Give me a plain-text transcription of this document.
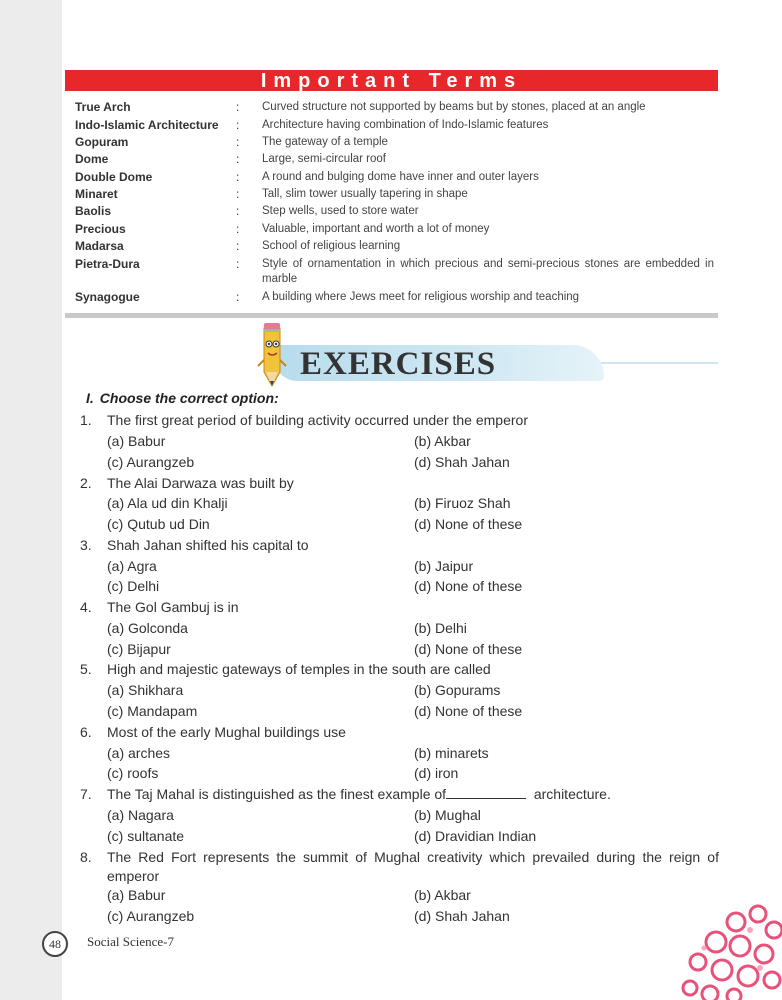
Important Terms
True Arch	: Curved structure not supported by beams but by stones, placed at an angle
Indo-Islamic Architecture : Architecture having combination of Indo-Islamic features
Gopuram	: The gateway of a temple
Dome	: Large, semi-circular roof
Double Dome	: A round and bulging dome have inner and outer layers
Minaret	: Tall, slim tower usually tapering in shape
Baolis	: Step wells, used to store water
Precious	: Valuable, important and worth a lot of money
Madarsa	: School of religious learning
Pietra-Dura	: Style of ornamentation in which precious and semi-precious stones are embedded in marble
Synagogue	: A building where Jews meet for religious worship and teaching
EXERCISES
I. Choose the correct option:
1. The first great period of building activity occurred under the emperor
(a) Babur	(b) Akbar
(c) Aurangzeb	(d) Shah Jahan
2. The Alai Darwaza was built by
(a) Ala ud din Khalji	(b) Firuoz Shah
(c) Qutub ud Din	(d) None of these
3. Shah Jahan shifted his capital to
(a) Agra	(b) Jaipur
(c) Delhi	(d) None of these
4. The Gol Gambuj is in
(a) Golconda	(b) Delhi
(c) Bijapur	(d) None of these
5. High and majestic gateways of temples in the south are called
(a) Shikhara	(b) Gopurams
(c) Mandapam	(d) None of these
6. Most of the early Mughal buildings use
(a) arches	(b) minarets
(c) roofs	(d) iron
7. The Taj Mahal is distinguished as the finest example of	architecture.
(a) Nagara	(b) Mughal
(c) sultanate	(d) Dravidian Indian
8. The Red Fort represents the summit of Mughal creativity which prevailed during the reign of emperor
(a) Babur	(b) Akbar
(c) Aurangzeb	(d) Shah Jahan
48	Social Science-7
